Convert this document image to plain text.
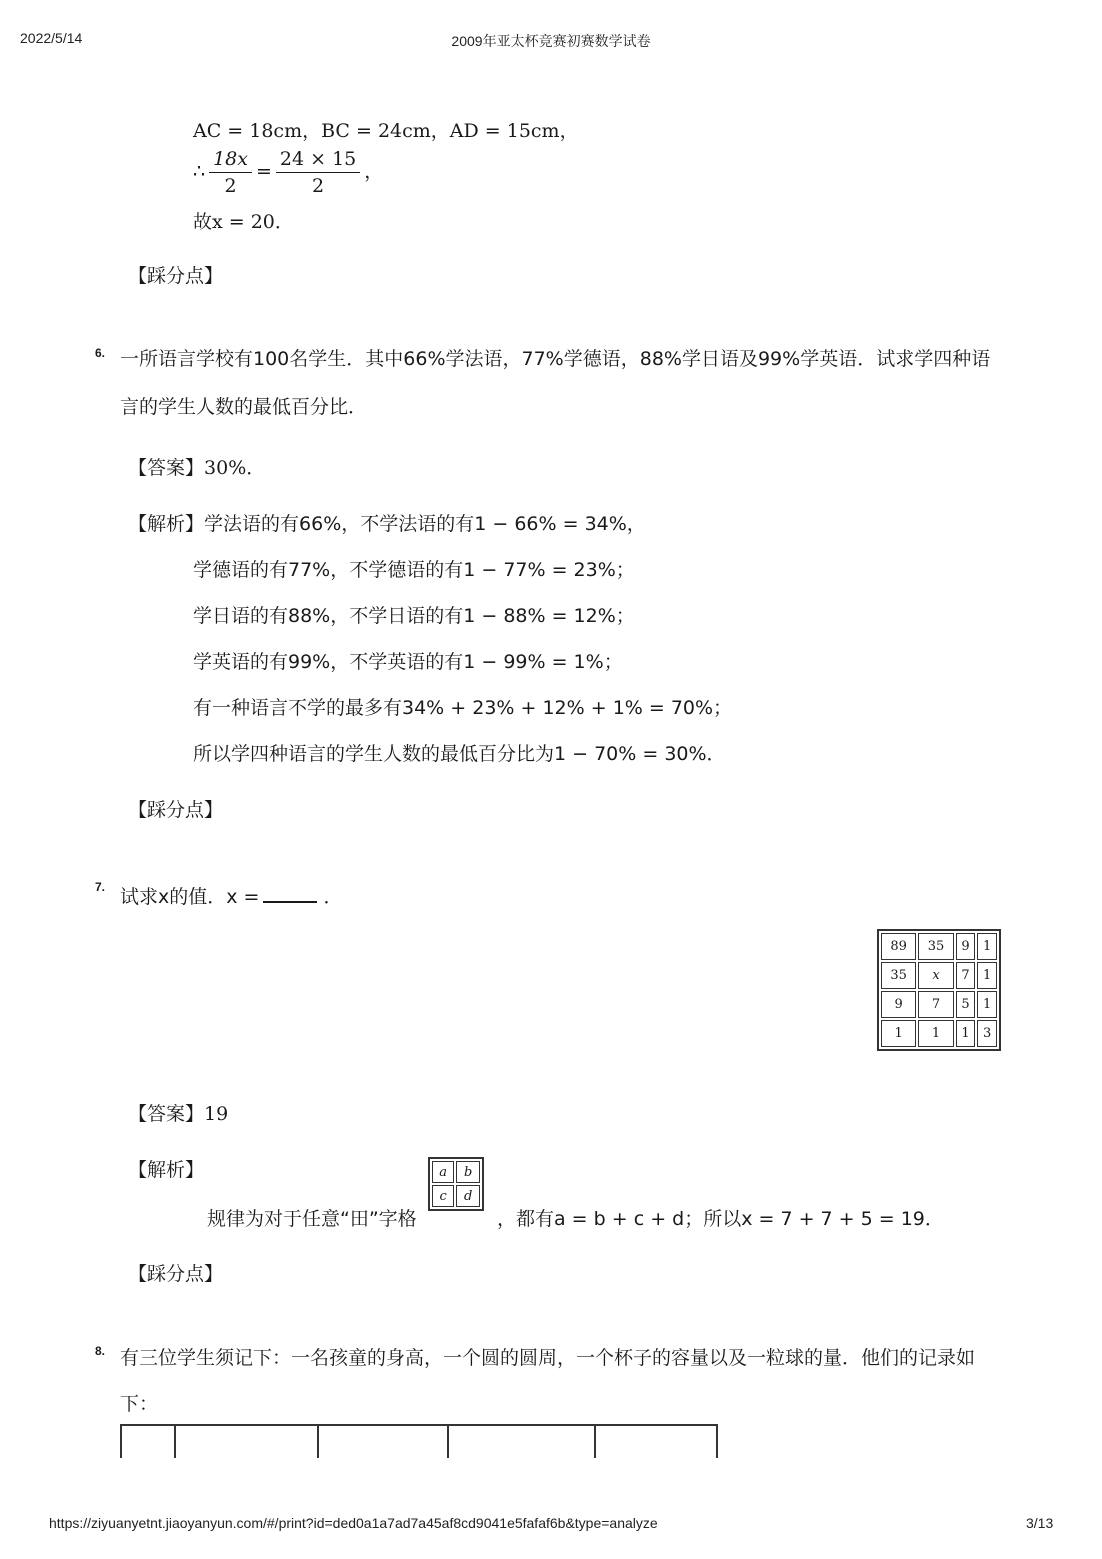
2022/5/14	2009年亚太杯竞赛初赛数学试卷
AC = 18cm，BC = 24cm，AD = 15cm，
∴ $\frac{18x}{2} = \frac{24 \times 15}{2}$ ，
故x = 20．
【踩分点】
6. 一所语言学校有100名学生．其中66%学法语，77%学德语，88%学日语及99%学英语．试求学四种语
言的学生人数的最低百分比．
【答案】30%．
【解析】学法语的有66%，不学法语的有1 − 66% = 34%，
学德语的有77%，不学德语的有1 − 77% = 23%；
学日语的有88%，不学日语的有1 − 88% = 12%；
学英语的有99%，不学英语的有1 − 99% = 1%；
有一种语言不学的最多有34% + 23% + 12% + 1% = 70%；
所以学四种语言的学生人数的最低百分比为1 − 70% = 30%．
【踩分点】
7. 试求x的值．x =	．
89	35	9	1
35	x	7	1
9	7	5	1
1	1	1	3
【答案】19
【解析】
规律为对于任意“田”字格
a	b
c	d
，都有a = b + c + d；所以x = 7 + 7 + 5 = 19．
【踩分点】
8. 有三位学生须记下：一名孩童的身高，一个圆的圆周，一个杯子的容量以及一粒球的量．他们的记录如
下：
https://ziyuanyetnt.jiaoyanyun.com/#/print?id=ded0a1a7ad7a45af8cd9041e5fafaf6b&type=analyze	3/13
